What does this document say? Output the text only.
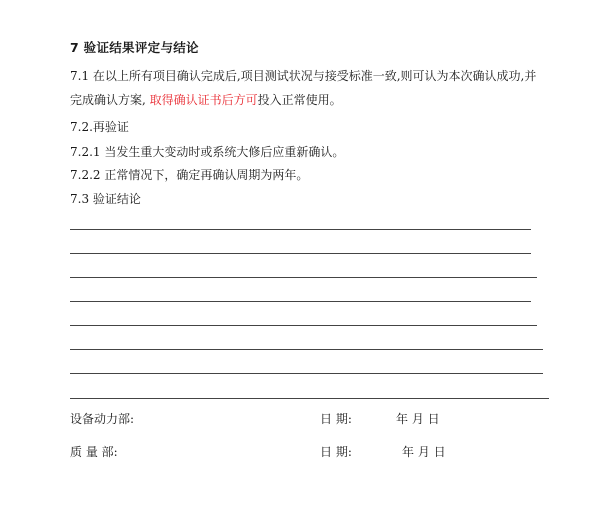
7 验证结果评定与结论
7.1 在以上所有项目确认完成后,项目测试状况与接受标准一致,则可认为本次确认成功,并
完成确认方案, 取得确认证书后方可投入正常使用。
7.2.再验证
7.2.1 当发生重大变动时或系统大修后应重新确认。
7.2.2 正常情况下，确定再确认周期为两年。
7.3 验证结论
设备动力部:	日 期:	年 月 日
质 量 部:	日 期:	年 月 日
